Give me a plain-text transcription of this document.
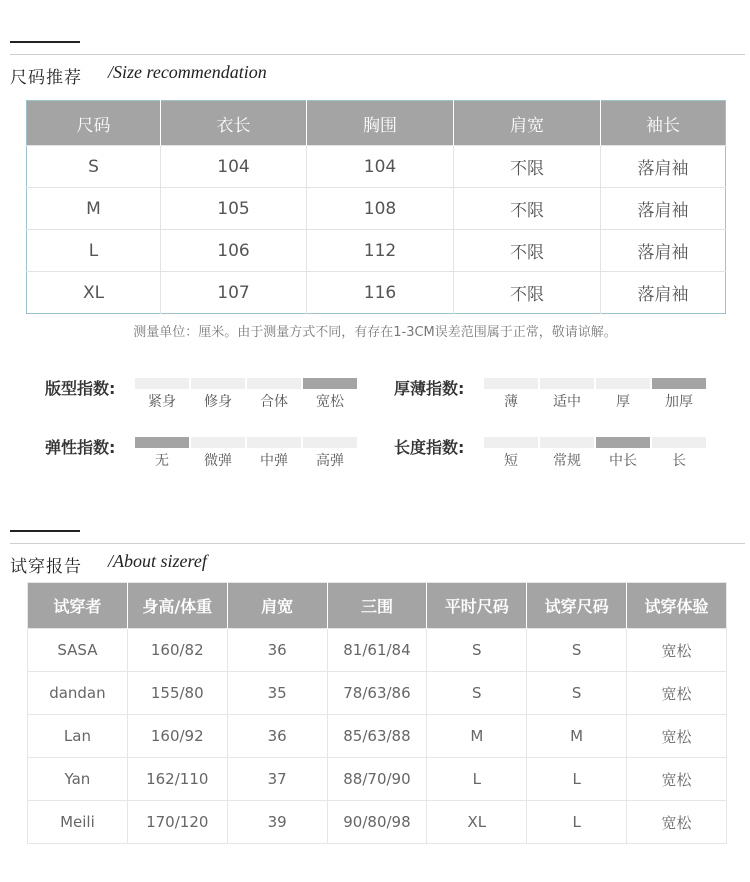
尺码推荐 /Size recommendation
尺码	衣长	胸围	肩宽	袖长
S	104	104	不限	落肩袖
M	105	108	不限	落肩袖
L	106	112	不限	落肩袖
XL	107	116	不限	落肩袖
测量单位：厘米。由于测量方式不同，有存在1-3CM误差范围属于正常，敬请谅解。
版型指数:
紧身	修身	合体	宽松
厚薄指数:
薄	适中	厚	加厚
弹性指数:
无	微弹	中弹	高弹
长度指数:
短	常规	中长	长
试穿报告 /About sizeref
试穿者	身高/体重	肩宽	三围	平时尺码	试穿尺码	试穿体验
SASA	160/82	36	81/61/84	S	S	宽松
dandan	155/80	35	78/63/86	S	S	宽松
Lan	160/92	36	85/63/88	M	M	宽松
Yan	162/110	37	88/70/90	L	L	宽松
Meili	170/120	39	90/80/98	XL	L	宽松
